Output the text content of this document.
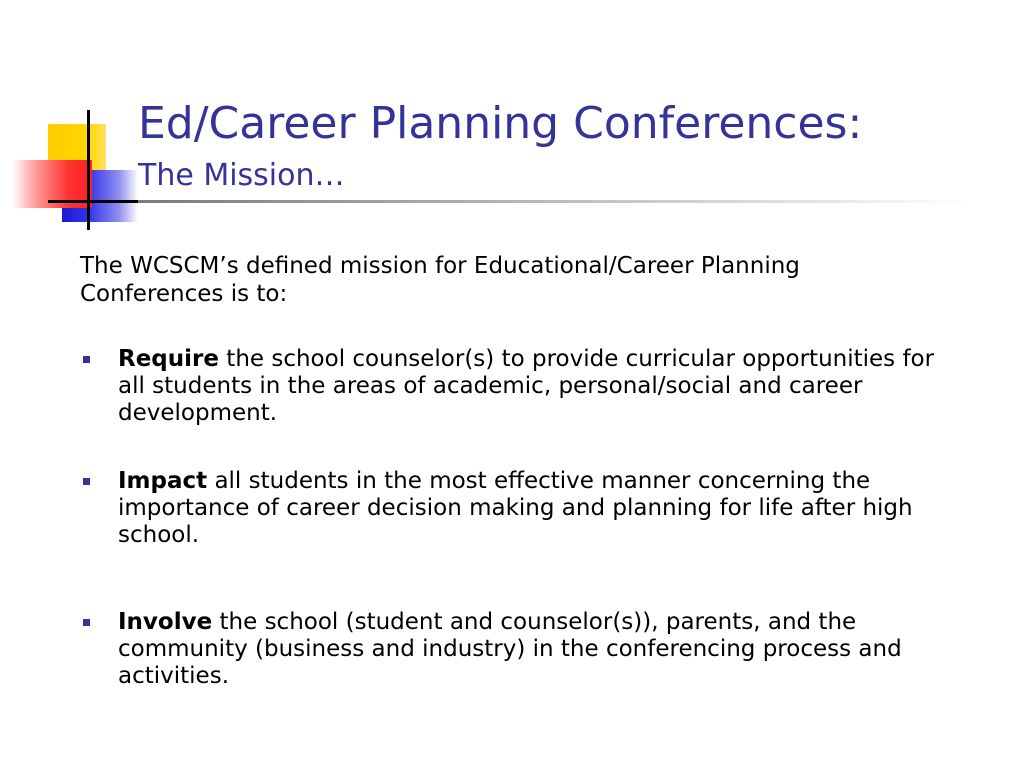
Ed/Career Planning Conferences:
The Mission…
The WCSCM’s defined mission for Educational/Career Planning Conferences is to:
Require the school counselor(s) to provide curricular opportunities for all students in the areas of academic, personal/social and career development.
Impact all students in the most effective manner concerning the importance of career decision making and planning for life after high school.
Involve the school (student and counselor(s)), parents, and the community (business and industry) in the conferencing process and activities.
